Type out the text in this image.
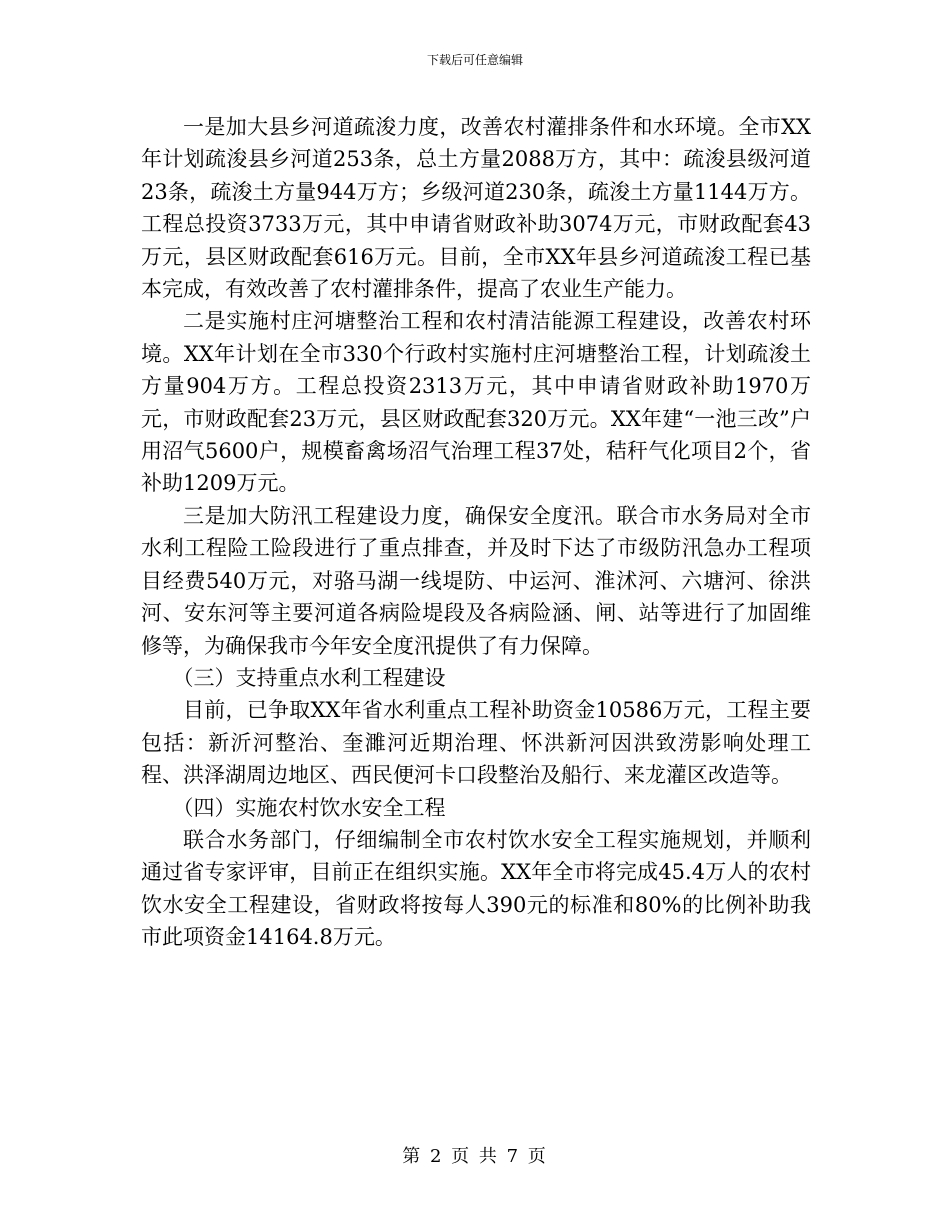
下载后可任意编辑

一是加大县乡河道疏浚力度，改善农村灌排条件和水环境。全市XX年计划疏浚县乡河道253条，总土方量2088万方，其中：疏浚县级河道23条，疏浚土方量944万方；乡级河道230条，疏浚土方量1144万方。工程总投资3733万元，其中申请省财政补助3074万元，市财政配套43万元，县区财政配套616万元。目前，全市XX年县乡河道疏浚工程已基本完成，有效改善了农村灌排条件，提高了农业生产能力。

二是实施村庄河塘整治工程和农村清洁能源工程建设，改善农村环境。XX年计划在全市330个行政村实施村庄河塘整治工程，计划疏浚土方量904万方。工程总投资2313万元，其中申请省财政补助1970万元，市财政配套23万元，县区财政配套320万元。XX年建“一池三改”户用沼气5600户，规模畜禽场沼气治理工程37处，秸秆气化项目2个，省补助1209万元。

三是加大防汛工程建设力度，确保安全度汛。联合市水务局对全市水利工程险工险段进行了重点排查，并及时下达了市级防汛急办工程项目经费540万元，对骆马湖一线堤防、中运河、淮沭河、六塘河、徐洪河、安东河等主要河道各病险堤段及各病险涵、闸、站等进行了加固维修等，为确保我市今年安全度汛提供了有力保障。

（三）支持重点水利工程建设

目前，已争取XX年省水利重点工程补助资金10586万元，工程主要包括：新沂河整治、奎濉河近期治理、怀洪新河因洪致涝影响处理工程、洪泽湖周边地区、西民便河卡口段整治及船行、来龙灌区改造等。

（四）实施农村饮水安全工程

联合水务部门，仔细编制全市农村饮水安全工程实施规划，并顺利通过省专家评审，目前正在组织实施。XX年全市将完成45.4万人的农村饮水安全工程建设，省财政将按每人390元的标准和80%的比例补助我市此项资金14164.8万元。

第 2 页 共 7 页
